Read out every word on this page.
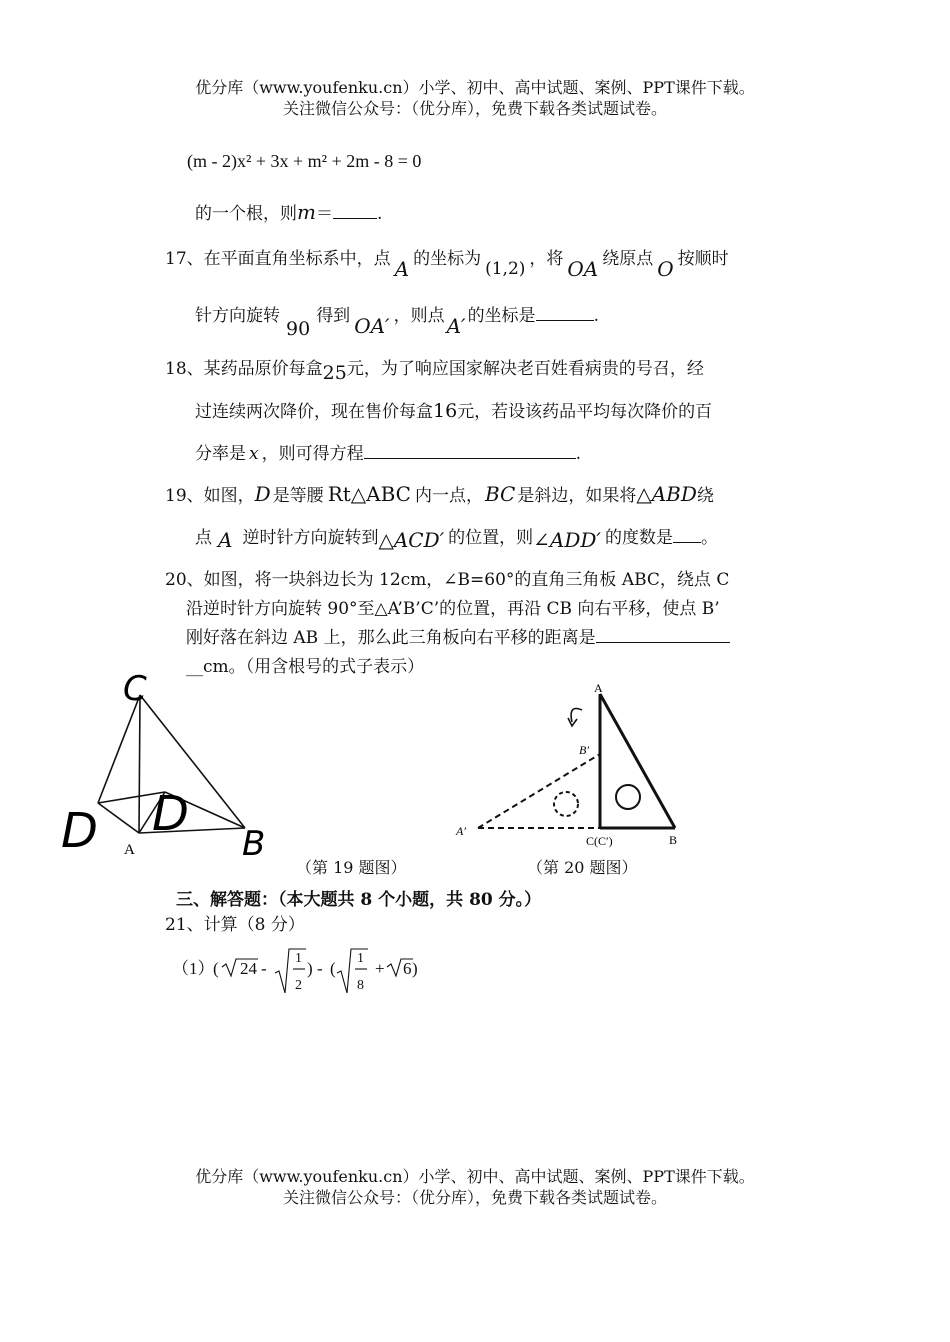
优分库（www.youfenku.cn）小学、初中、高中试题、案例、PPT课件下载。
关注微信公众号：（优分库），免费下载各类试题试卷。
(m - 2)x² + 3x + m² + 2m - 8 = 0
的一个根，则m＝	.
17、在平面直角坐标系中，点 A 的坐标为 (1,2) ，将 OA 绕原点 O 按顺时
针方向旋转90得到 OA′ ，则点 A′ 的坐标是	.
18、某药品原价每盒25元，为了响应国家解决老百姓看病贵的号召，经
过连续两次降价，现在售价每盒16元，若设该药品平均每次降价的百
分率是 x ，则可得方程	.
19、如图，D 是等腰 Rt△ABC 内一点， BC 是斜边，如果将△ABD绕
点 A 逆时针方向旋转到△ACD′ 的位置，则∠ADD′ 的度数是 。
20、如图，将一块斜边长为 12cm，∠B=60°的直角三角板 ABC，绕点 C
沿逆时针方向旋转 90°至△A’B’C’的位置，再沿 CB 向右平移，使点 B’
刚好落在斜边 AB 上，那么此三角板向右平移的距离是
__cm。（用含根号的式子表示）
C
D D
A	B
（第 19 题图）
A
B′
A′
C(C′)	B
（第 20 题图）
三、解答题：（本大题共 8 个小题，共 80 分。）
21、计算（8 分）
（1）
( 24 -
1
2
) - (
1
8
+ 6 )
优分库（www.youfenku.cn）小学、初中、高中试题、案例、PPT课件下载。
关注微信公众号：（优分库），免费下载各类试题试卷。
